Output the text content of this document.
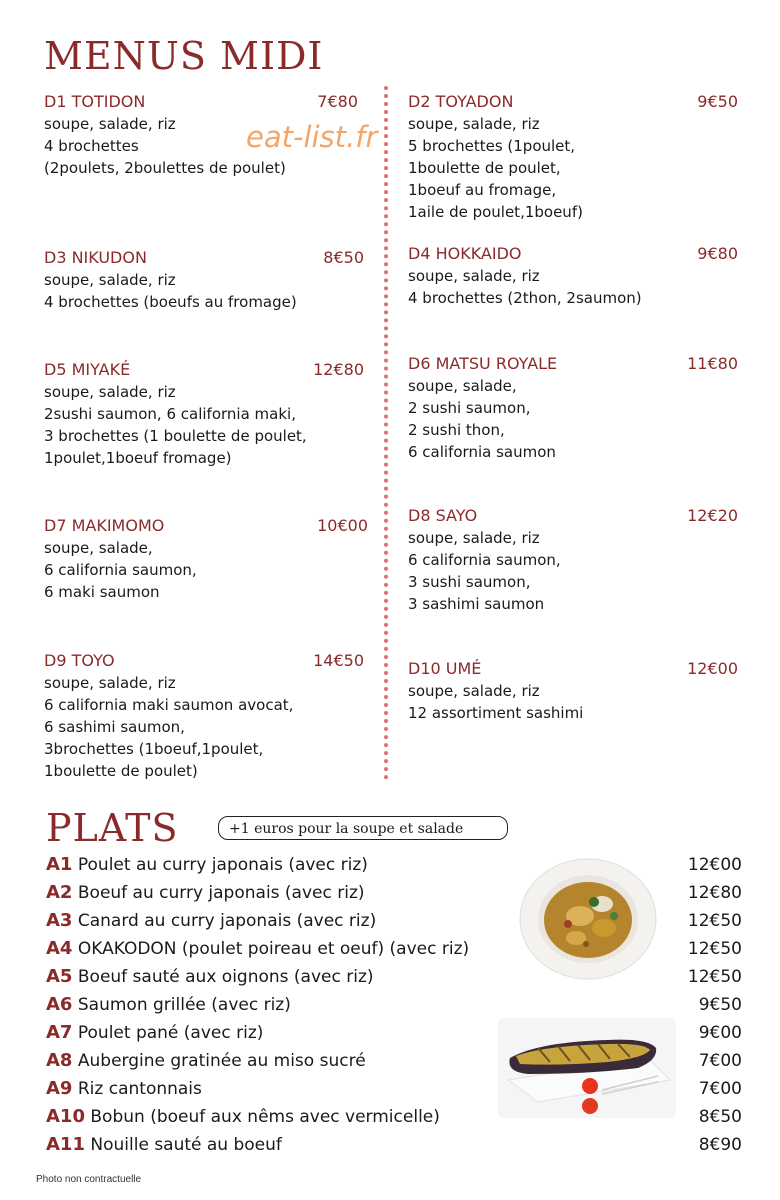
MENUS MIDI
eat-list.fr
D1 TOTIDON	7€80
soupe, salade, riz
4 brochettes
(2poulets, 2boulettes de poulet)
D3 NIKUDON	8€50
soupe, salade, riz
4 brochettes (boeufs au fromage)
D5 MIYAKÉ	12€80
soupe, salade, riz
2sushi saumon, 6 california maki,
3 brochettes (1 boulette de poulet,
1poulet,1boeuf fromage)
D7 MAKIMOMO	10€00
soupe, salade,
6 california saumon,
6 maki saumon
D9 TOYO	14€50
soupe, salade, riz
6 california maki saumon avocat,
6 sashimi saumon,
3brochettes (1boeuf,1poulet,
1boulette de poulet)
D2 TOYADON	9€50
soupe, salade, riz
5 brochettes (1poulet,
1boulette de poulet,
1boeuf au fromage,
1aile de poulet,1boeuf)
D4 HOKKAIDO	9€80
soupe, salade, riz
4 brochettes (2thon, 2saumon)
D6 MATSU ROYALE	11€80
soupe, salade,
2 sushi saumon,
2 sushi thon,
6 california saumon
D8 SAYO	12€20
soupe, salade, riz
6 california saumon,
3 sushi saumon,
3 sashimi saumon
D10 UMÉ	12€00
soupe, salade, riz
12 assortiment sashimi
PLATS	+1 euros pour la soupe et salade
A1 Poulet au curry japonais (avec riz)	12€00
A2 Boeuf au curry japonais (avec riz)	12€80
A3 Canard au curry japonais (avec riz)	12€50
A4 OKAKODON (poulet poireau et oeuf) (avec riz)	12€50
A5 Boeuf sauté aux oignons (avec riz)	12€50
A6 Saumon grillée (avec riz)	9€50
A7 Poulet pané (avec riz)	9€00
A8 Aubergine gratinée au miso sucré	7€00
A9 Riz cantonnais	7€00
A10 Bobun (boeuf aux nêms avec vermicelle)	8€50
A11 Nouille sauté au boeuf	8€90
Photo non contractuelle
